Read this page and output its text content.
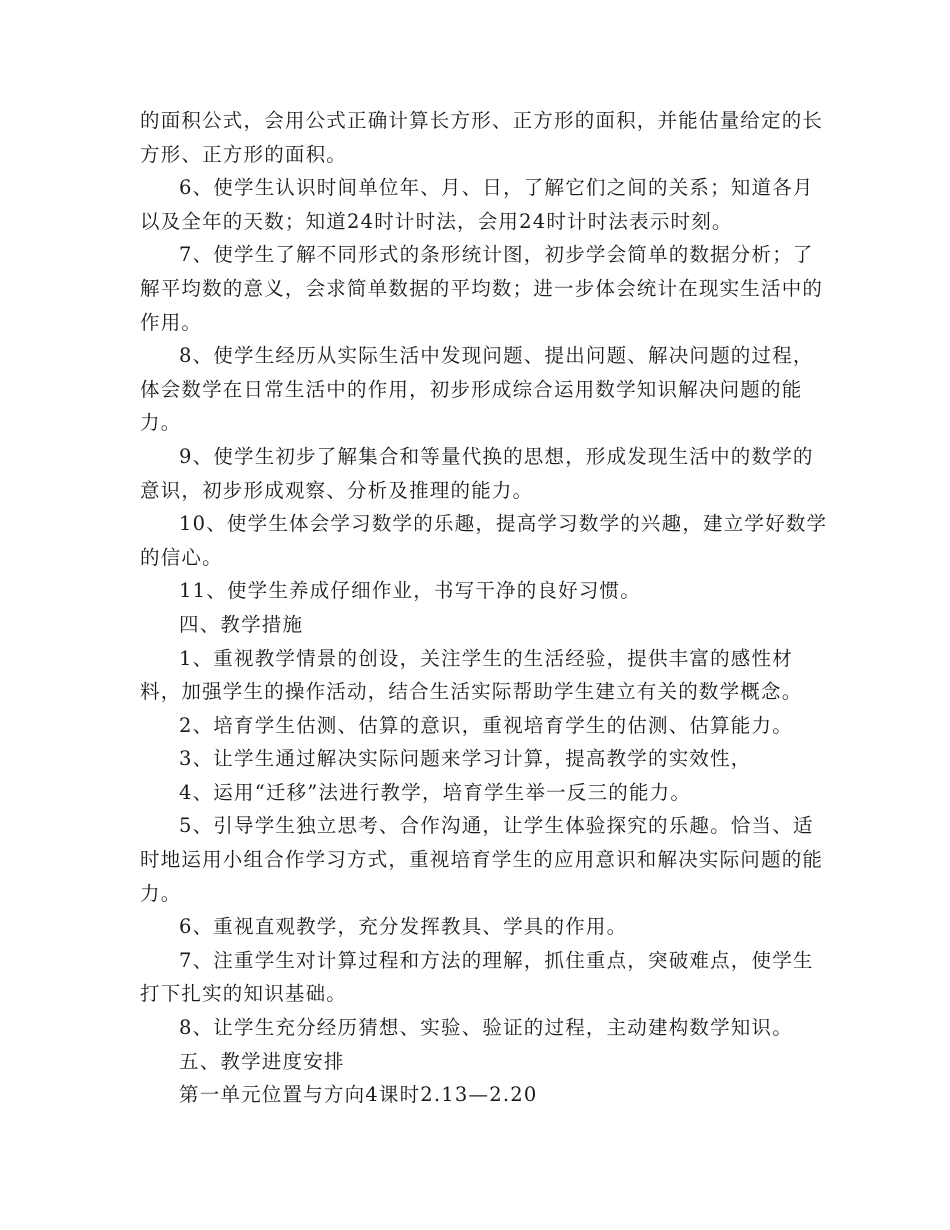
的面积公式，会用公式正确计算长方形、正方形的面积，并能估量给定的长方形、正方形的面积。

6、使学生认识时间单位年、月、日，了解它们之间的关系；知道各月以及全年的天数；知道24时计时法，会用24时计时法表示时刻。

7、使学生了解不同形式的条形统计图，初步学会简单的数据分析；了解平均数的意义，会求简单数据的平均数；进一步体会统计在现实生活中的作用。

8、使学生经历从实际生活中发现问题、提出问题、解决问题的过程，体会数学在日常生活中的作用，初步形成综合运用数学知识解决问题的能力。

9、使学生初步了解集合和等量代换的思想，形成发现生活中的数学的意识，初步形成观察、分析及推理的能力。

10、使学生体会学习数学的乐趣，提高学习数学的兴趣，建立学好数学的信心。

11、使学生养成仔细作业，书写干净的良好习惯。

四、教学措施

1、重视教学情景的创设，关注学生的生活经验，提供丰富的感性材料，加强学生的操作活动，结合生活实际帮助学生建立有关的数学概念。

2、培育学生估测、估算的意识，重视培育学生的估测、估算能力。

3、让学生通过解决实际问题来学习计算，提高教学的实效性，

4、运用“迁移”法进行教学，培育学生举一反三的能力。

5、引导学生独立思考、合作沟通，让学生体验探究的乐趣。恰当、适时地运用小组合作学习方式，重视培育学生的应用意识和解决实际问题的能力。

6、重视直观教学，充分发挥教具、学具的作用。

7、注重学生对计算过程和方法的理解，抓住重点，突破难点，使学生打下扎实的知识基础。

8、让学生充分经历猜想、实验、验证的过程，主动建构数学知识。

五、教学进度安排

第一单元位置与方向4课时2.13—2.20
